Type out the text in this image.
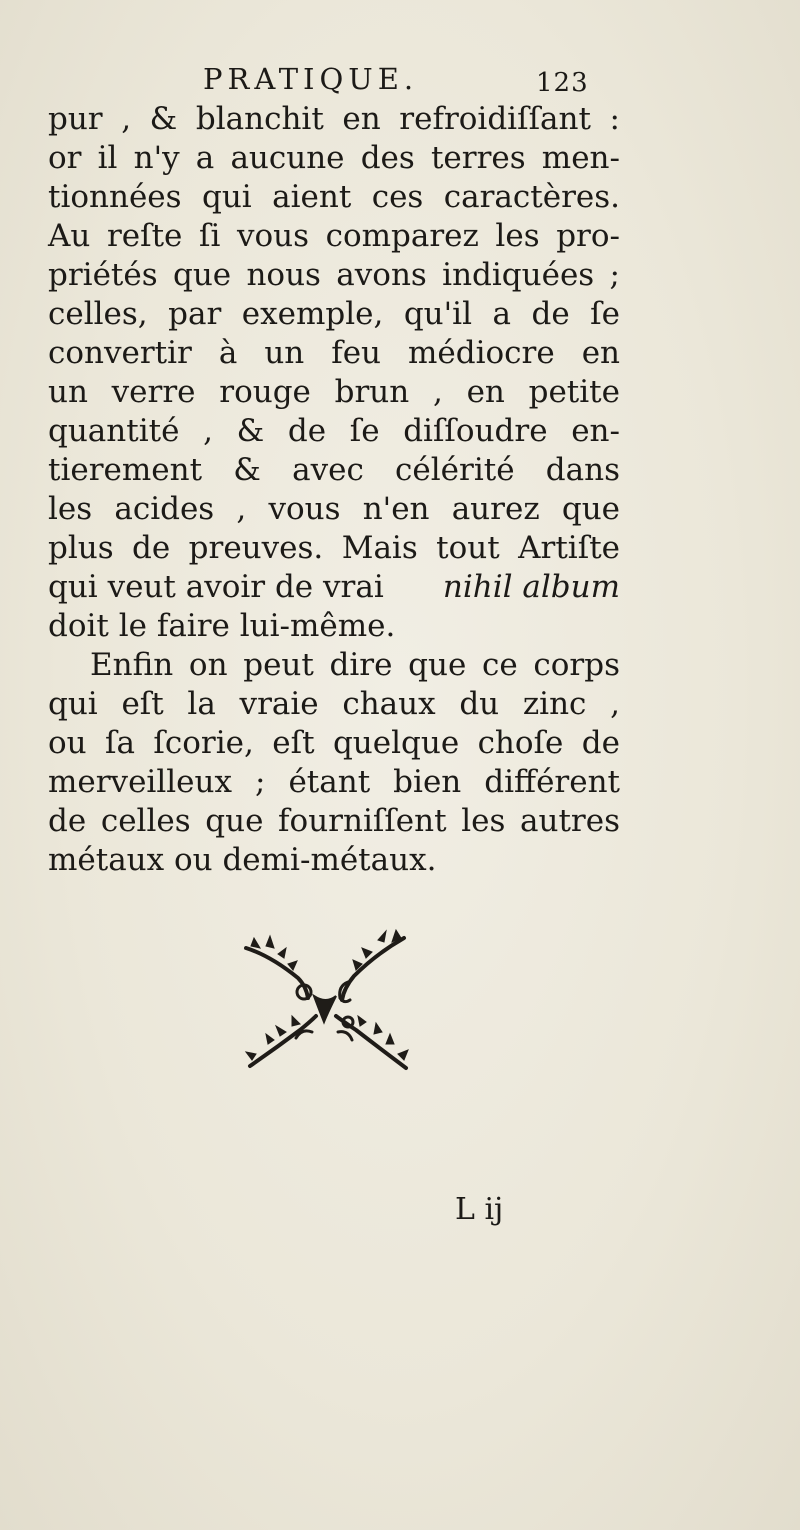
PRATIQUE.	123
pur , & blanchit en refroidiſſant :
or il n'y a aucune des terres men-
tionnées qui aient ces caractères.
Au reſte ſi vous comparez les pro-
priétés que nous avons indiquées ;
celles, par exemple, qu'il a de ſe
convertir à un feu médiocre en
un verre rouge brun , en petite
quantité , & de ſe diſſoudre en-
tierement & avec célérité dans
les acides , vous n'en aurez que
plus de preuves. Mais tout Artiſte
qui veut avoir de vrai nihil album
doit le faire lui-même.
Enfin on peut dire que ce corps
qui eſt la vraie chaux du zinc ,
ou ſa ſcorie, eſt quelque choſe de
merveilleux ; étant bien différent
de celles que fourniſſent les autres
métaux ou demi-métaux.
L ij
